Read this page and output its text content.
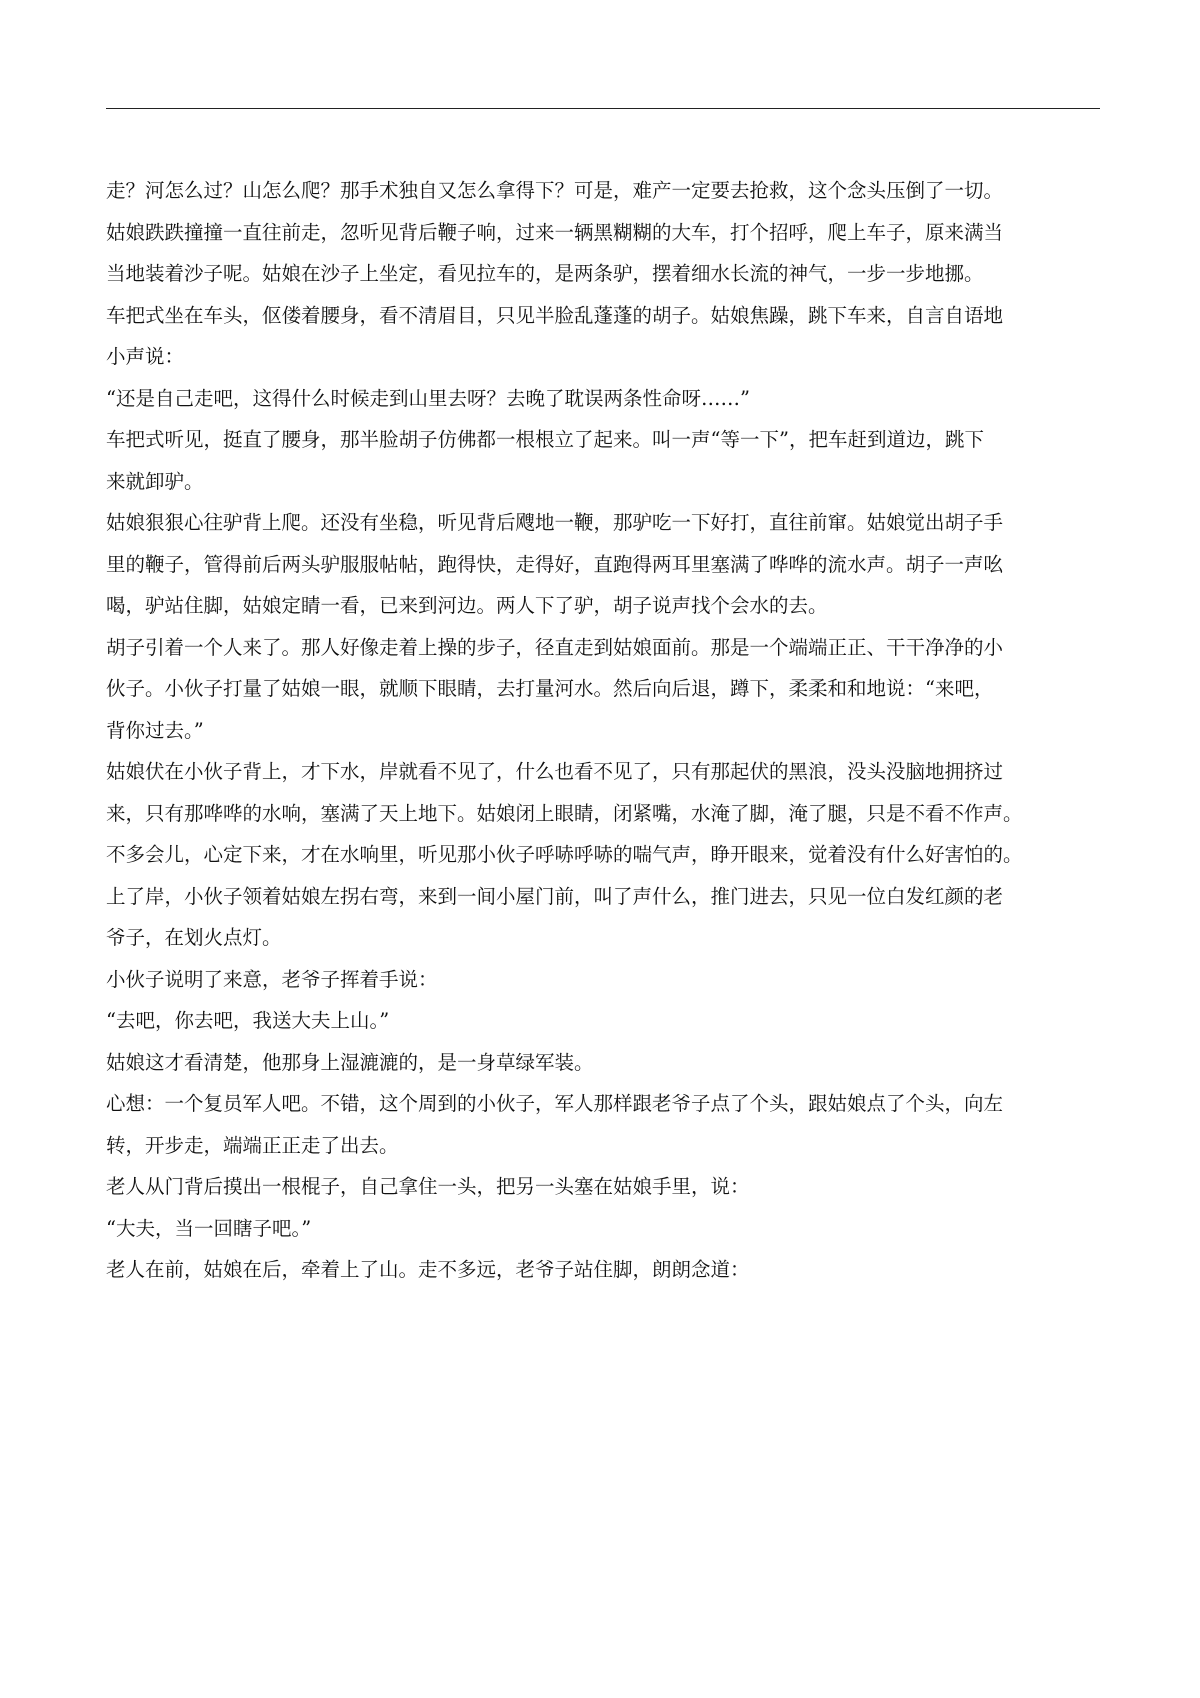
走？河怎么过？山怎么爬？那手术独自又怎么拿得下？可是，难产一定要去抢救，这个念头压倒了一切。
姑娘跌跌撞撞一直往前走，忽听见背后鞭子响，过来一辆黑糊糊的大车，打个招呼，爬上车子，原来满当
当地装着沙子呢。姑娘在沙子上坐定，看见拉车的，是两条驴，摆着细水长流的神气，一步一步地挪。
车把式坐在车头，伛偻着腰身，看不清眉目，只见半脸乱蓬蓬的胡子。姑娘焦躁，跳下车来，自言自语地
小声说：
“还是自己走吧，这得什么时候走到山里去呀？去晚了耽误两条性命呀……”
车把式听见，挺直了腰身，那半脸胡子仿佛都一根根立了起来。叫一声“等一下”，把车赶到道边，跳下
来就卸驴。
姑娘狠狠心往驴背上爬。还没有坐稳，听见背后飕地一鞭，那驴吃一下好打，直往前窜。姑娘觉出胡子手
里的鞭子，管得前后两头驴服服帖帖，跑得快，走得好，直跑得两耳里塞满了哗哗的流水声。胡子一声吆
喝，驴站住脚，姑娘定睛一看，已来到河边。两人下了驴，胡子说声找个会水的去。
胡子引着一个人来了。那人好像走着上操的步子，径直走到姑娘面前。那是一个端端正正、干干净净的小
伙子。小伙子打量了姑娘一眼，就顺下眼睛，去打量河水。然后向后退，蹲下，柔柔和和地说：“来吧，
背你过去。”
姑娘伏在小伙子背上，才下水，岸就看不见了，什么也看不见了，只有那起伏的黑浪，没头没脑地拥挤过
来，只有那哗哗的水响，塞满了天上地下。姑娘闭上眼睛，闭紧嘴，水淹了脚，淹了腿，只是不看不作声。
不多会儿，心定下来，才在水响里，听见那小伙子呼哧呼哧的喘气声，睁开眼来，觉着没有什么好害怕的。
上了岸，小伙子领着姑娘左拐右弯，来到一间小屋门前，叫了声什么，推门进去，只见一位白发红颜的老
爷子，在划火点灯。
小伙子说明了来意，老爷子挥着手说：
“去吧，你去吧，我送大夫上山。”
姑娘这才看清楚，他那身上湿漉漉的，是一身草绿军装。
心想：一个复员军人吧。不错，这个周到的小伙子，军人那样跟老爷子点了个头，跟姑娘点了个头，向左
转，开步走，端端正正走了出去。
老人从门背后摸出一根棍子，自己拿住一头，把另一头塞在姑娘手里，说：
“大夫，当一回瞎子吧。”
老人在前，姑娘在后，牵着上了山。走不多远，老爷子站住脚，朗朗念道：
